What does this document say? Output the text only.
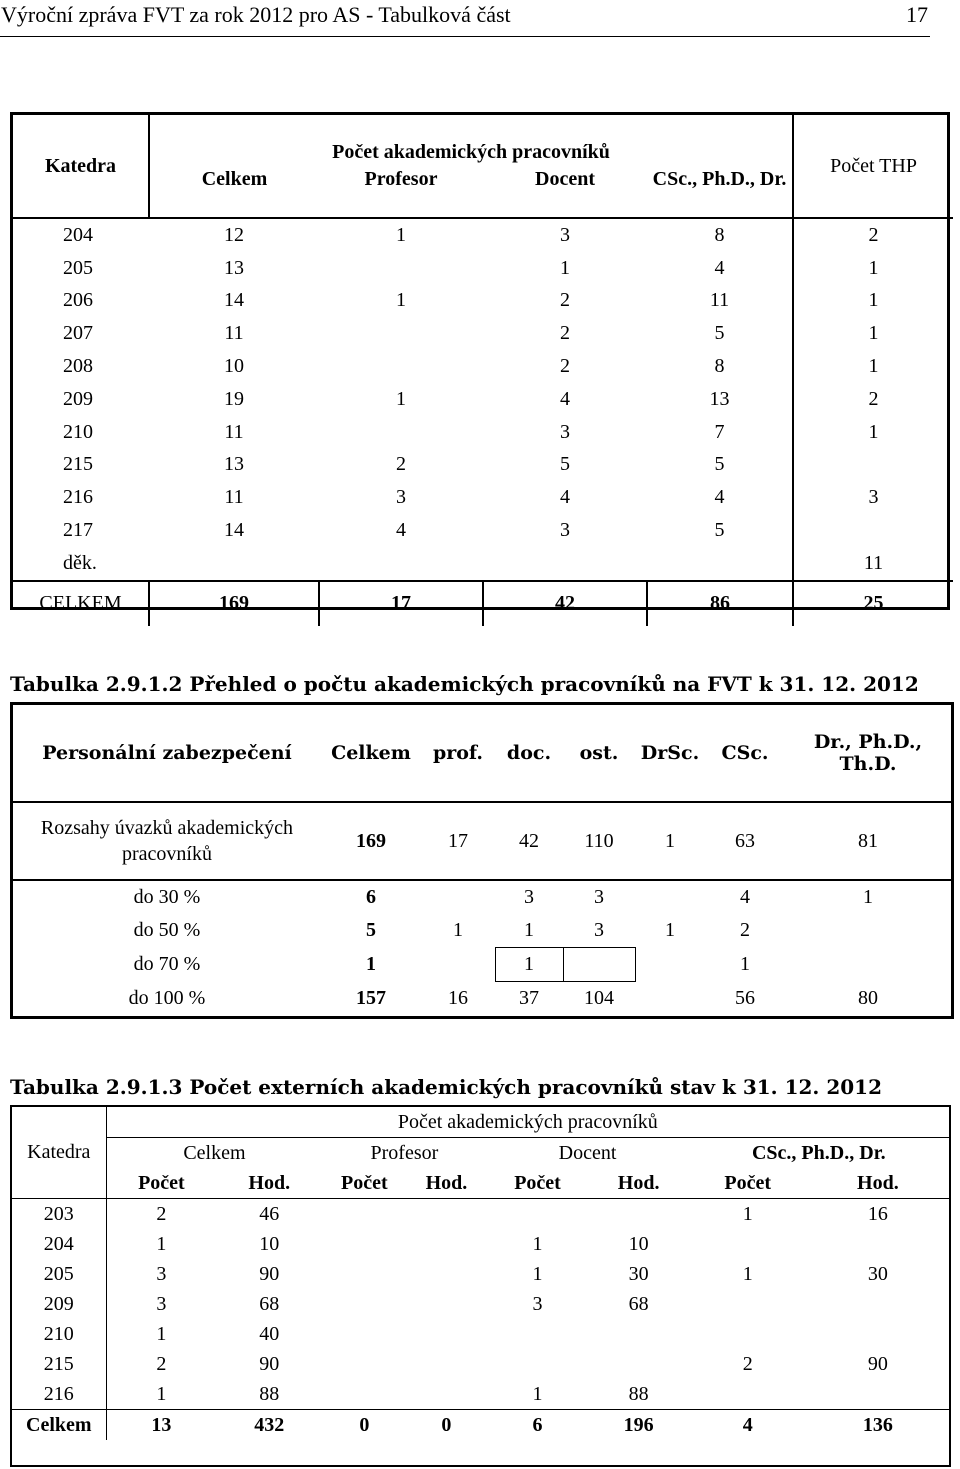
Výroční zpráva FVT za rok 2012 pro AS - Tabulková část	17
Katedra	Počet akademických pracovníků				Počet THP
	Celkem	Profesor	Docent	CSc., Ph.D., Dr.	
204	12	1	3	8	2
205	13		1	4	1
206	14	1	2	11	1
207	11		2	5	1
208	10		2	8	1
209	19	1	4	13	2
210	11		3	7	1
215	13	2	5	5	
216	11	3	4	4	3
217	14	4	3	5	
děk.					11
CELKEM	169	17	42	86	25
Tabulka 2.9.1.2 Přehled o počtu akademických pracovníků na FVT k 31. 12. 2012
Personální zabezpečení	Celkem	prof.	doc.	ost.	DrSc.	CSc.	Dr., Ph.D., Th.D.
Rozsahy úvazků akademických pracovníků	169	17	42	110	1	63	81
do 30 %	6		3	3		4	1
do 50 %	5	1	1	3	1	2	
do 70 %	1		1			1	
do 100 %	157	16	37	104		56	80
Tabulka 2.9.1.3 Počet externích akademických pracovníků stav k 31. 12. 2012
Katedra	Počet akademických pracovníků							
	Celkem		Profesor		Docent		CSc., Ph.D., Dr.	
	Počet	Hod.	Počet	Hod.	Počet	Hod.	Počet	Hod.
203	2	46					1	16
204	1	10			1	10		
205	3	90			1	30	1	30
209	3	68			3	68		
210	1	40						
215	2	90					2	90
216	1	88			1	88		
Celkem	13	432	0	0	6	196	4	136
